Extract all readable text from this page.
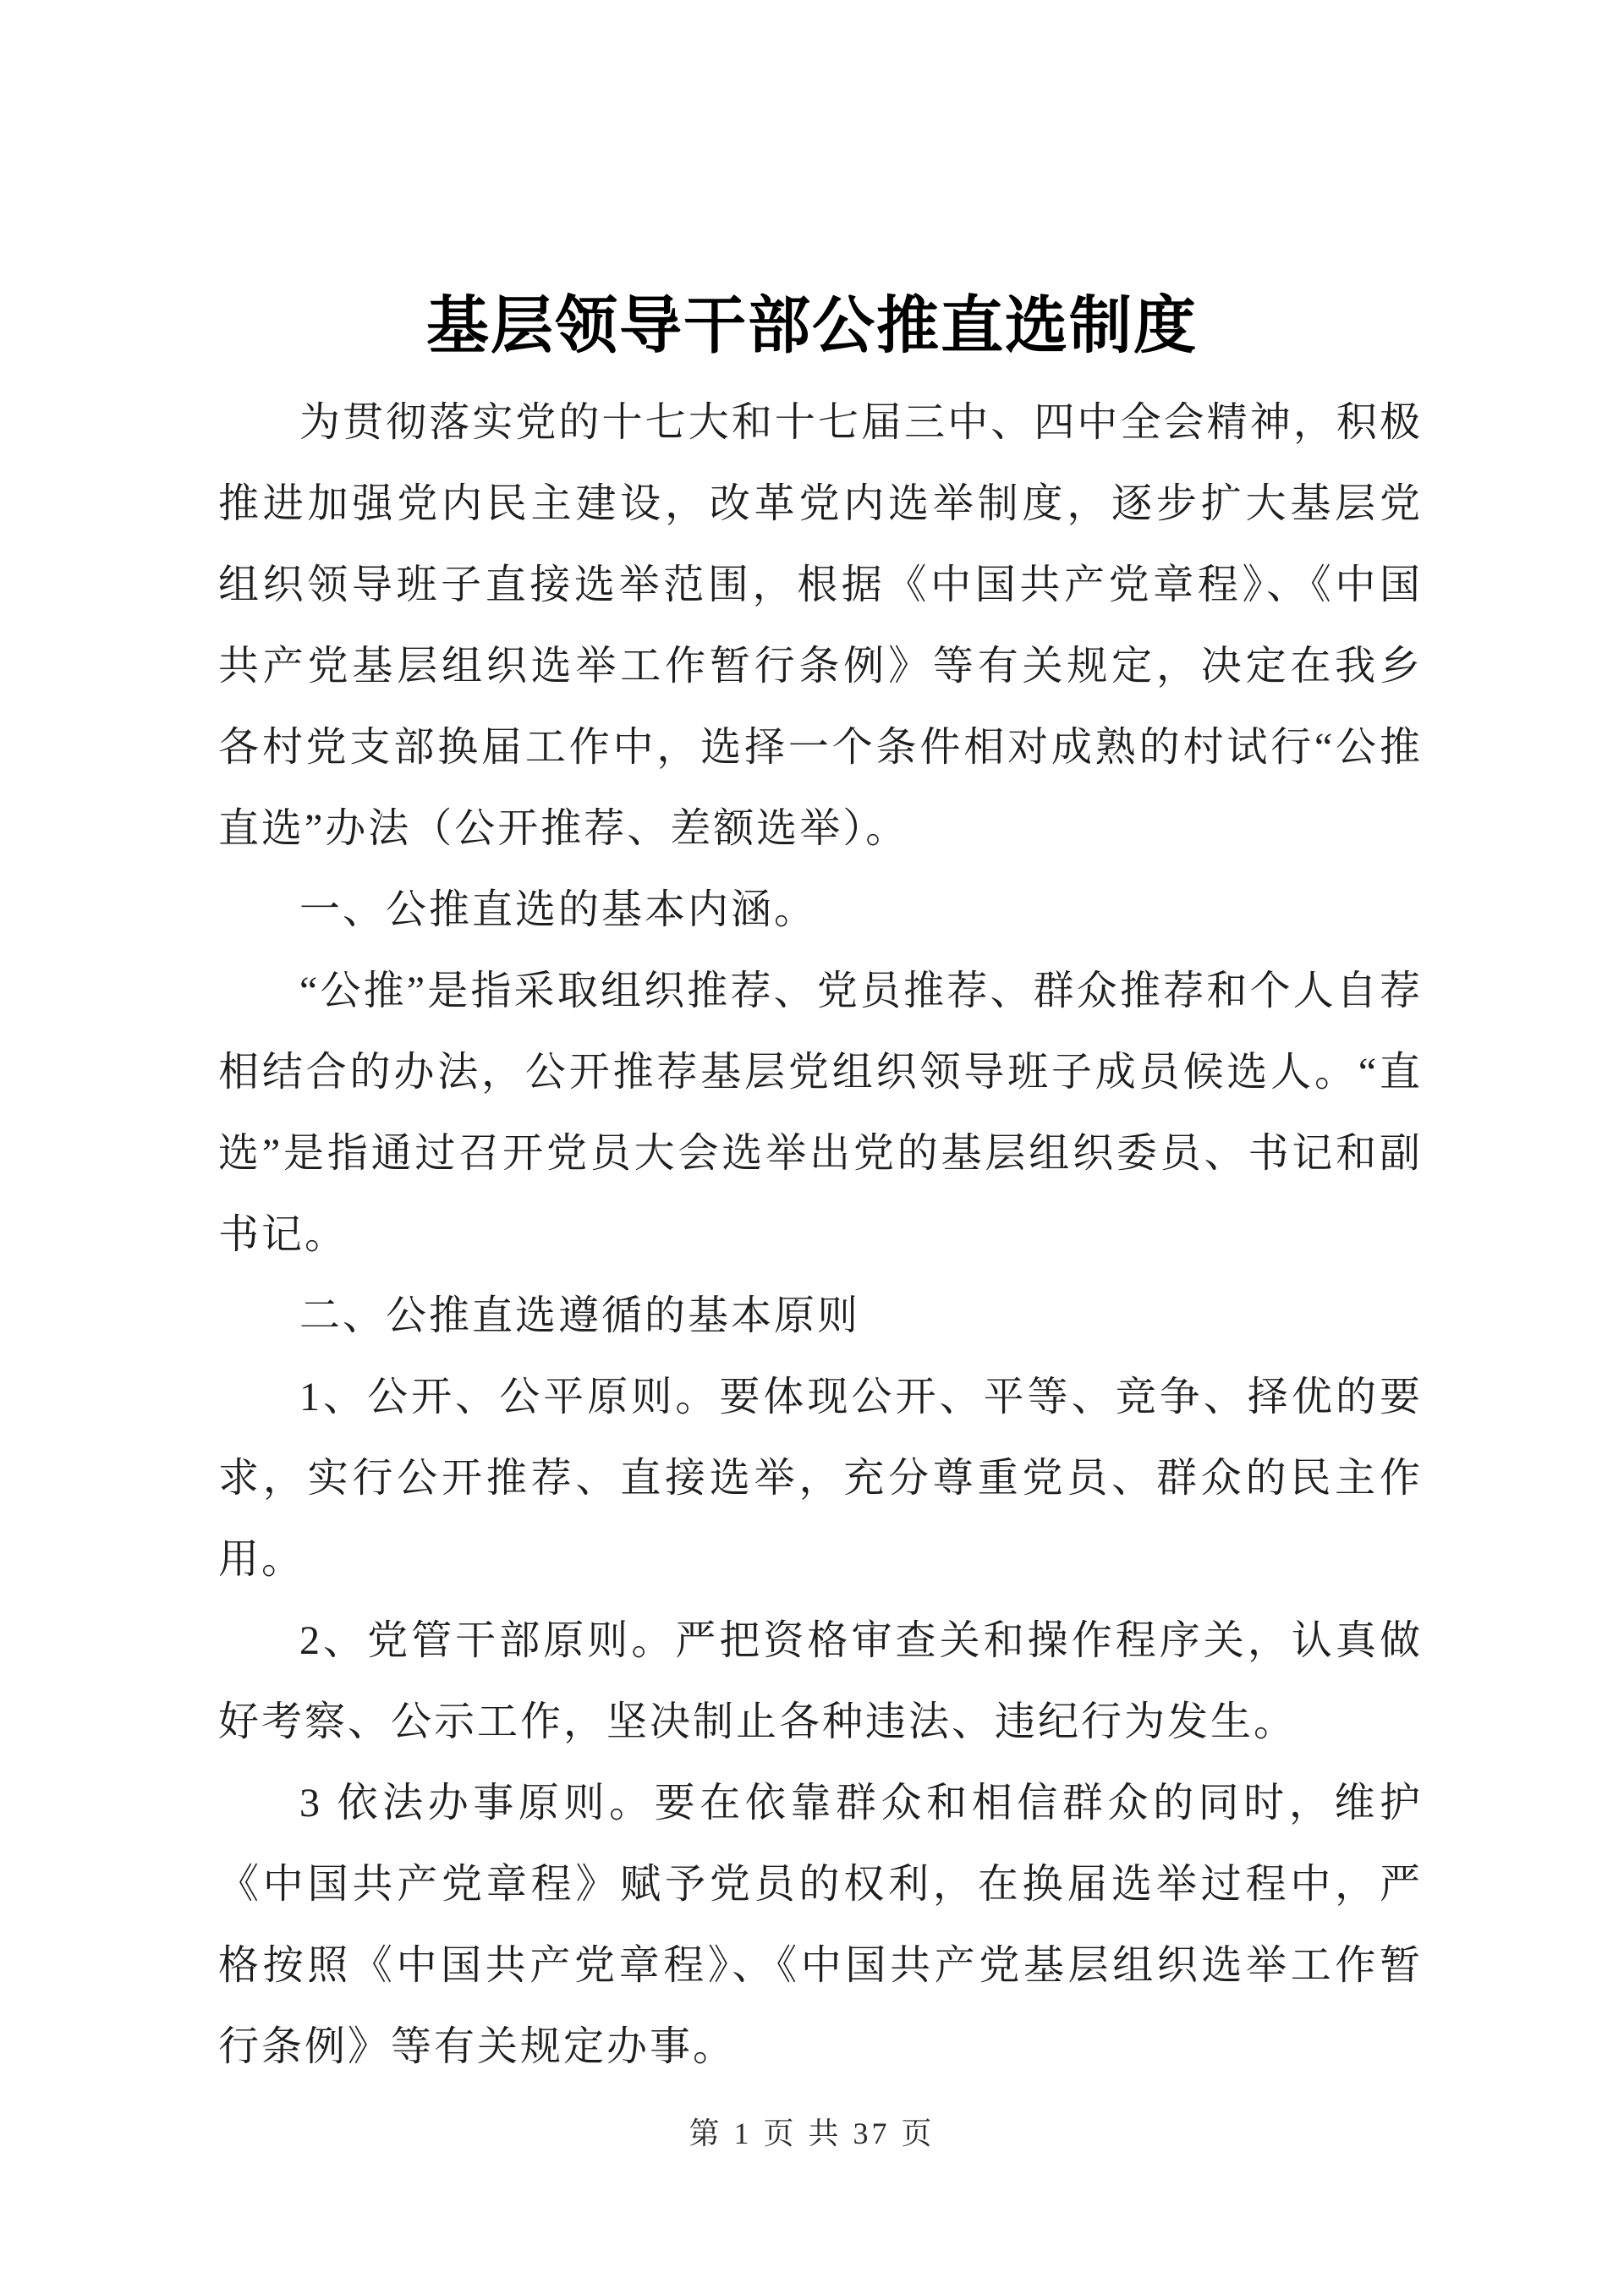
基层领导干部公推直选制度

为贯彻落实党的十七大和十七届三中、四中全会精神，积极推进加强党内民主建设，改革党内选举制度，逐步扩大基层党组织领导班子直接选举范围，根据《中国共产党章程》、《中国共产党基层组织选举工作暂行条例》等有关规定，决定在我乡各村党支部换届工作中，选择一个条件相对成熟的村试行“公推直选”办法（公开推荐、差额选举）。

一、公推直选的基本内涵。

“公推”是指采取组织推荐、党员推荐、群众推荐和个人自荐相结合的办法，公开推荐基层党组织领导班子成员候选人。“直选”是指通过召开党员大会选举出党的基层组织委员、书记和副书记。

二、公推直选遵循的基本原则

1、公开、公平原则。要体现公开、平等、竞争、择优的要求，实行公开推荐、直接选举，充分尊重党员、群众的民主作用。

2、党管干部原则。严把资格审查关和操作程序关，认真做好考察、公示工作，坚决制止各种违法、违纪行为发生。

3 依法办事原则。要在依靠群众和相信群众的同时，维护《中国共产党章程》赋予党员的权利，在换届选举过程中，严格按照《中国共产党章程》、《中国共产党基层组织选举工作暂行条例》等有关规定办事。

第 1 页 共 37 页
